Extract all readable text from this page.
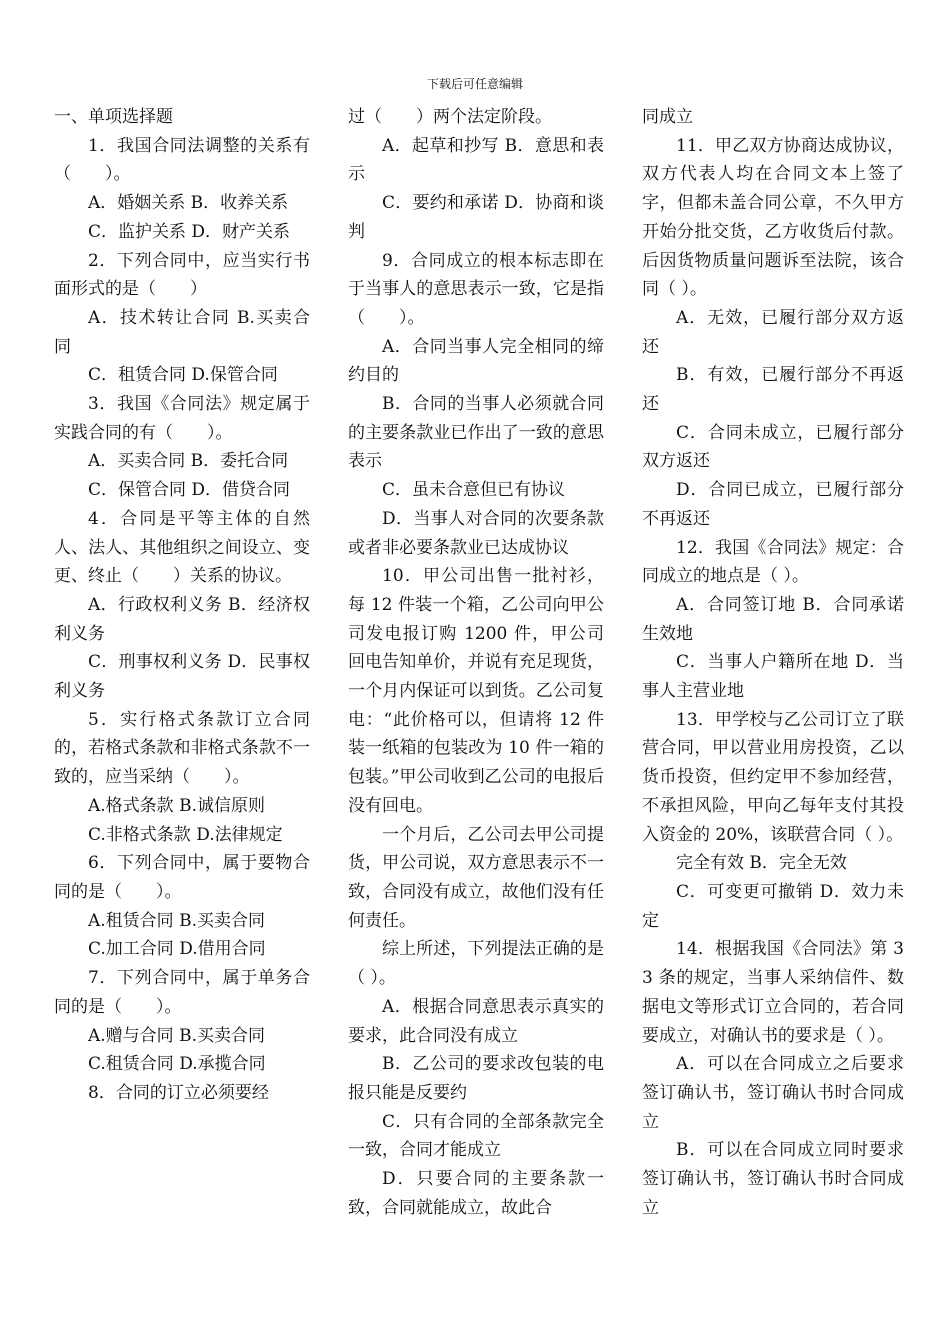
下载后可任意编辑

一、单项选择题

1．我国合同法调整的关系有（　　）。

A．婚姻关系 B．收养关系

C．监护关系 D．财产关系

2．下列合同中，应当实行书面形式的是（　　）

A．技术转让合同 B.买卖合同

C．租赁合同 D.保管合同

3．我国《合同法》规定属于实践合同的有（　　）。

A．买卖合同 B．委托合同

C．保管合同 D．借贷合同

4．合同是平等主体的自然人、法人、其他组织之间设立、变更、终止（　　）关系的协议。

A．行政权利义务 B．经济权利义务

C．刑事权利义务 D．民事权利义务

5．实行格式条款订立合同的，若格式条款和非格式条款不一致的，应当采纳（　　）。

A.格式条款 B.诚信原则

C.非格式条款 D.法律规定

6．下列合同中，属于要物合同的是（　　）。

A.租赁合同 B.买卖合同

C.加工合同 D.借用合同

7．下列合同中，属于单务合同的是（　　）。

A.赠与合同 B.买卖合同

C.租赁合同 D.承揽合同

8．合同的订立必须要经

过（　　）两个法定阶段。

A．起草和抄写 B．意思和表示

C．要约和承诺 D．协商和谈判

9．合同成立的根本标志即在于当事人的意思表示一致，它是指（　　）。

A．合同当事人完全相同的缔约目的

B．合同的当事人必须就合同的主要条款业已作出了一致的意思表示

C．虽未合意但已有协议

D．当事人对合同的次要条款或者非必要条款业已达成协议

10．甲公司出售一批衬衫，每 12 件装一个箱，乙公司向甲公司发电报订购 1200 件，甲公司回电告知单价，并说有充足现货，一个月内保证可以到货。乙公司复电：“此价格可以，但请将 12 件装一纸箱的包装改为 10 件一箱的包装。”甲公司收到乙公司的电报后没有回电。

一个月后，乙公司去甲公司提货，甲公司说，双方意思表示不一致，合同没有成立，故他们没有任何责任。

综上所述，下列提法正确的是（ ）。

A．根据合同意思表示真实的要求，此合同没有成立

B．乙公司的要求改包装的电报只能是反要约

C．只有合同的全部条款完全一致，合同才能成立

D．只要合同的主要条款一致，合同就能成立，故此合

同成立

11．甲乙双方协商达成协议，双方代表人均在合同文本上签了字，但都未盖合同公章，不久甲方开始分批交货，乙方收货后付款。后因货物质量问题诉至法院，该合同（ ）。

A．无效，已履行部分双方返还

B．有效，已履行部分不再返还

C．合同未成立，已履行部分双方返还

D．合同已成立，已履行部分不再返还

12．我国《合同法》规定：合同成立的地点是（ ）。

A．合同签订地 B．合同承诺生效地

C．当事人户籍所在地 D．当事人主营业地

13．甲学校与乙公司订立了联营合同，甲以营业用房投资，乙以货币投资，但约定甲不参加经营，不承担风险，甲向乙每年支付其投入资金的 20%，该联营合同（ ）。

完全有效 B．完全无效

C．可变更可撤销 D．效力未定

14．根据我国《合同法》第 33 条的规定，当事人采纳信件、数据电文等形式订立合同的，若合同要成立，对确认书的要求是（ ）。

A．可以在合同成立之后要求签订确认书，签订确认书时合同成立

B．可以在合同成立同时要求签订确认书，签订确认书时合同成立
